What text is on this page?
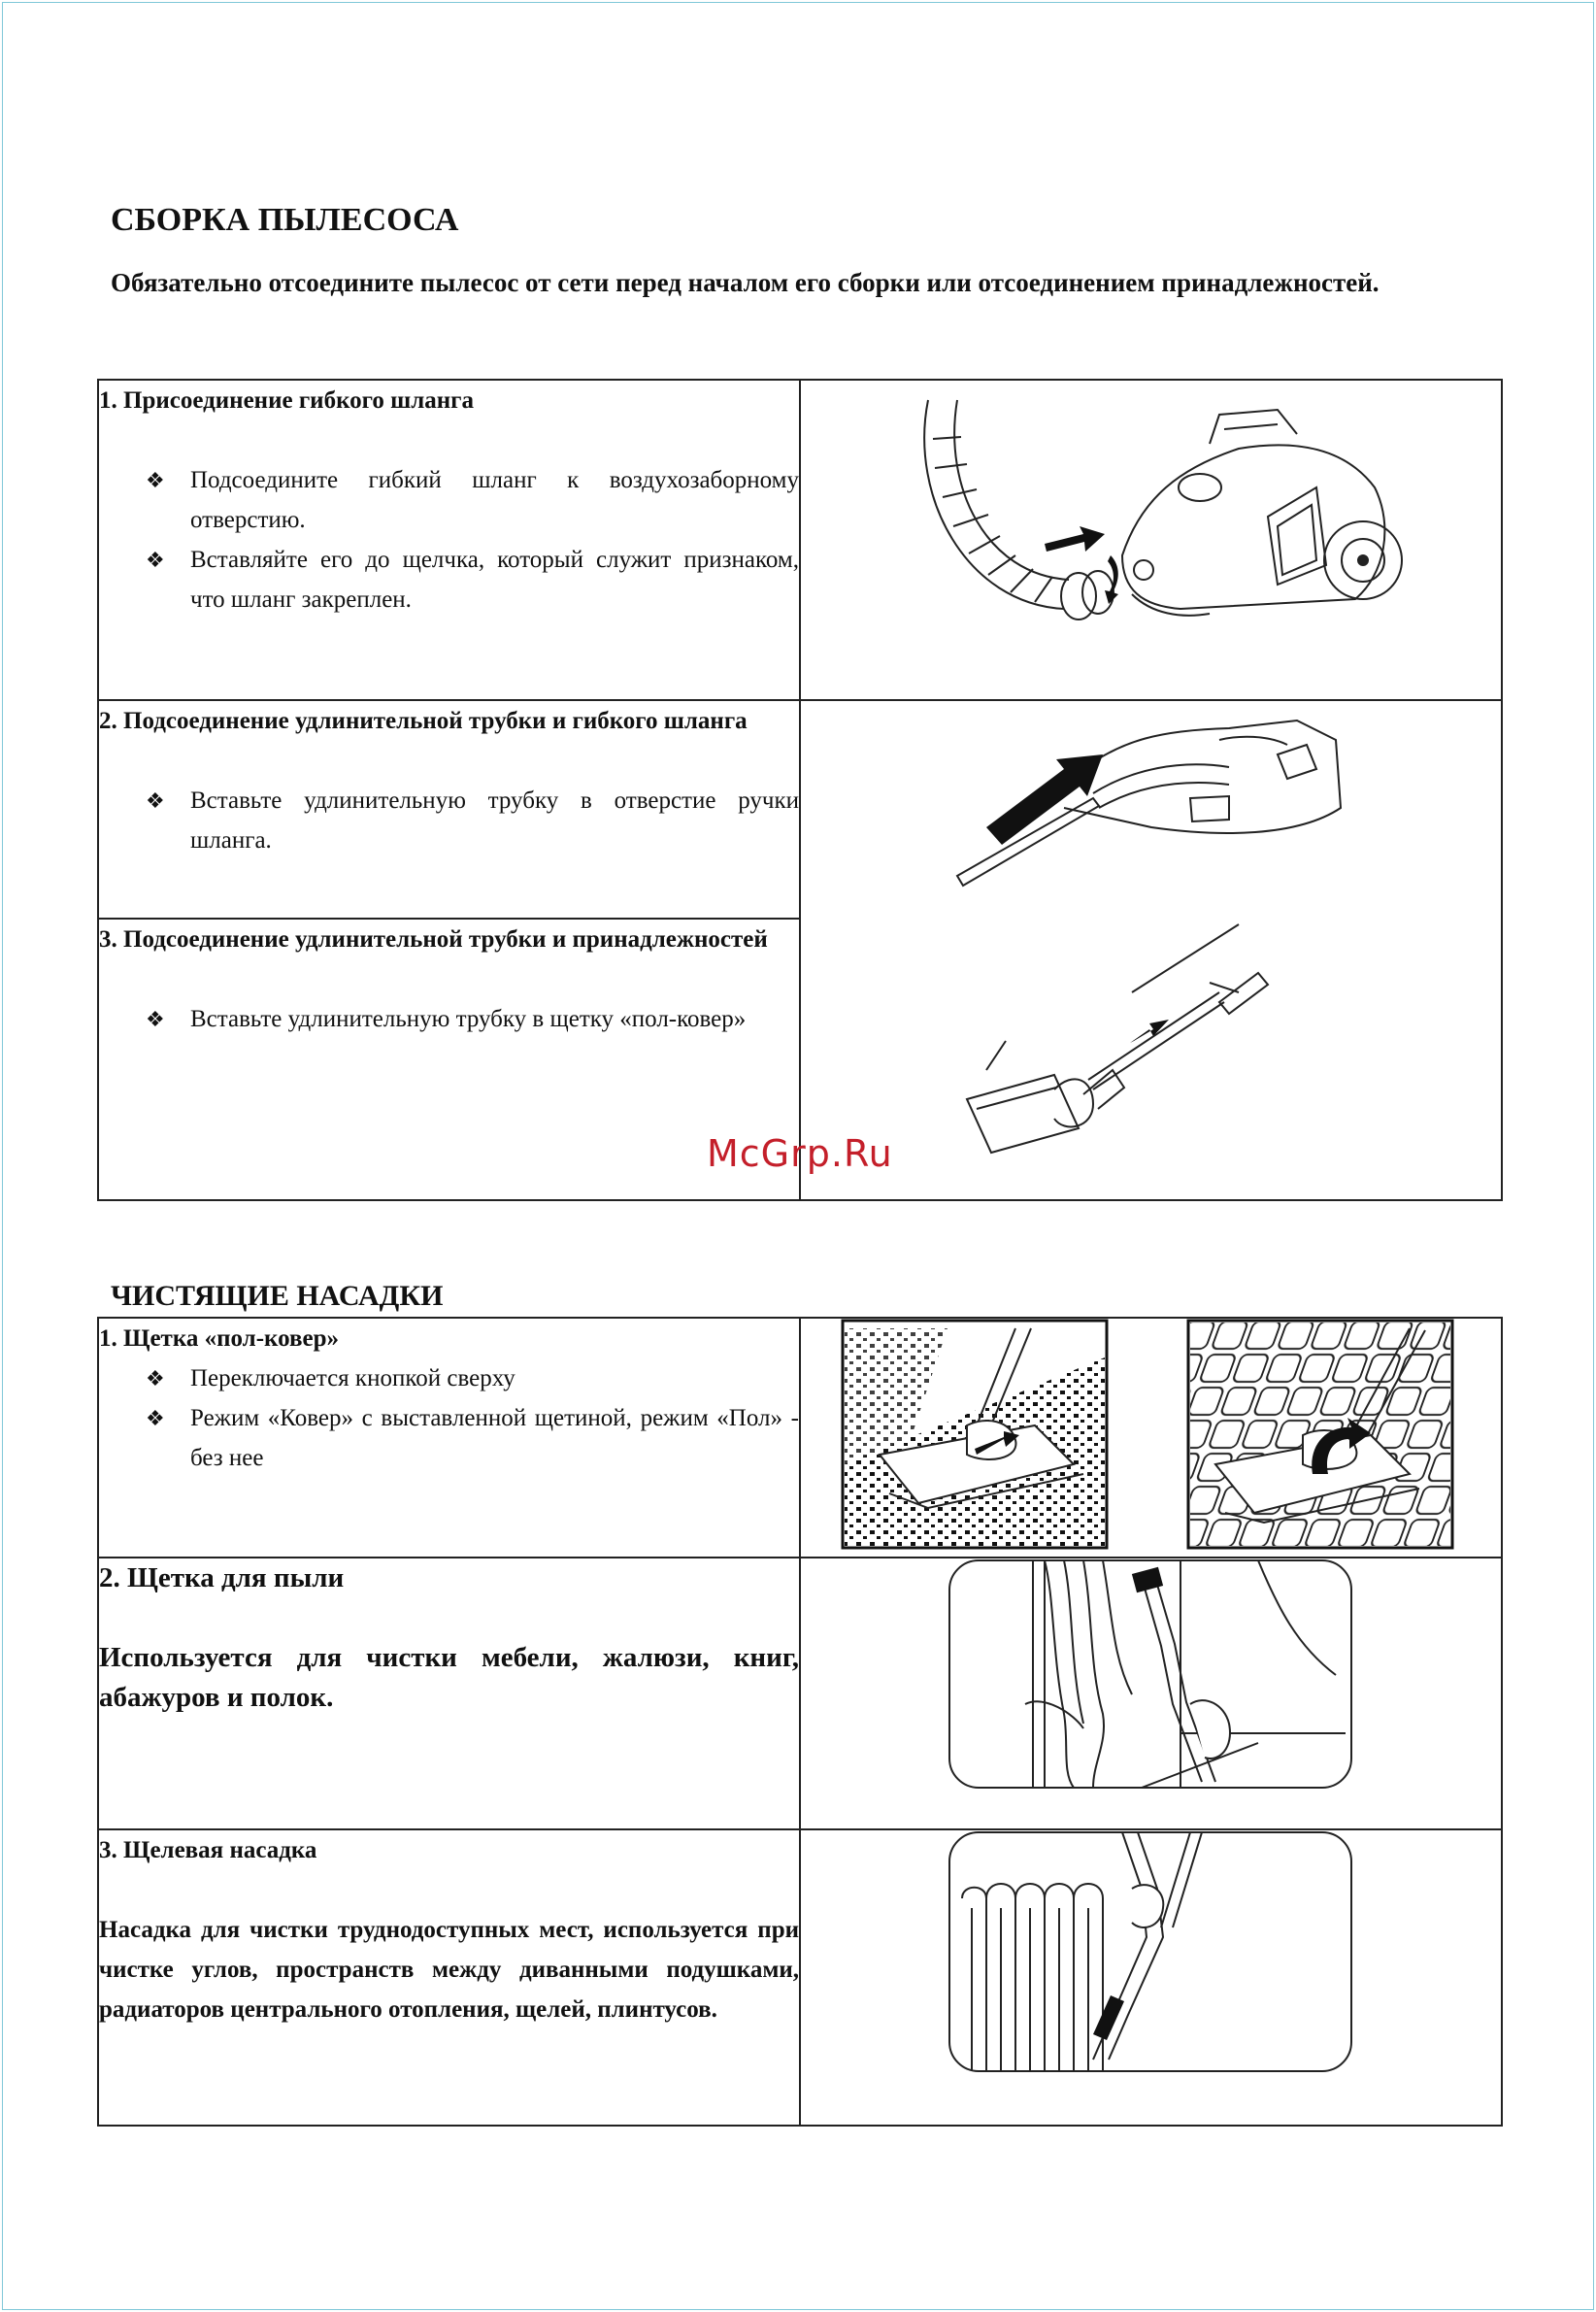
СБОРКА ПЫЛЕСОСА

Обязательно отсоедините пылесос от сети перед началом его сборки или отсоединением принадлежностей.

1. Присоединение гибкого шланга

❖ Подсоедините гибкий шланг к воздухозаборному отверстию.

❖ Вставляйте его до щелчка, который служит признаком, что шланг закреплен.

2. Подсоединение удлинительной трубки и гибкого шланга

❖ Вставьте удлинительную трубку в отверстие ручки шланга.

3. Подсоединение удлинительной трубки и принадлежностей

❖ Вставьте удлинительную трубку в щетку «пол-ковер»	

McGrp.Ru
ЧИСТЯЩИЕ НАСАДКИ
1. Щетка «пол-ковер»

❖ Переключается кнопкой сверху

❖ Режим «Ковер» с выставленной щетиной, режим «Пол» - без нее

2. Щетка для пыли
Используется для чистки мебели, жалюзи, книг, абажуров и полок.

3. Щелевая насадка
Насадка для чистки труднодоступных мест, используется при чистке углов, пространств между диванными подушками, радиаторов центрального отопления, щелей, плинтусов.
